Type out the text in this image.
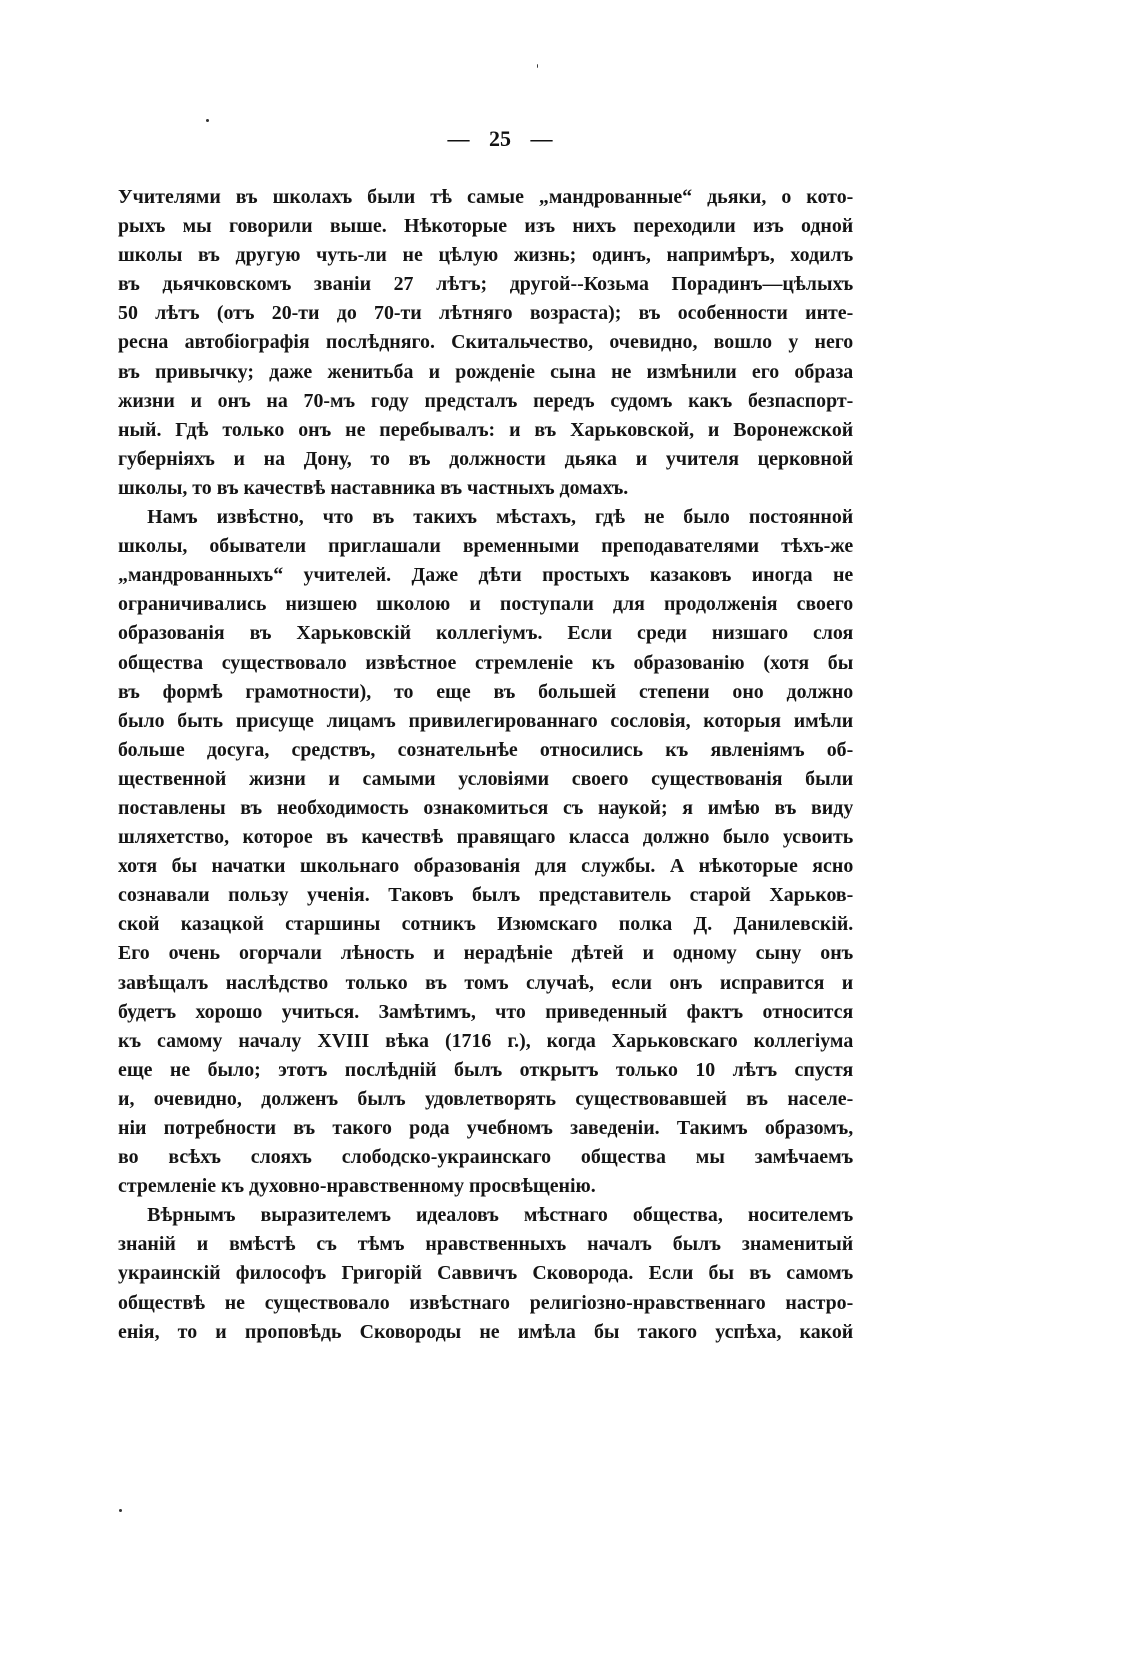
— 25 —
Учителями въ школахъ были тѣ самые „мандрованные“ дьяки, о кото-
рыхъ мы говорили выше. Нѣкоторые изъ нихъ переходили изъ одной
школы въ другую чуть-ли не цѣлую жизнь; одинъ, напримѣръ, ходилъ
въ дьячковскомъ званіи 27 лѣтъ; другой--Козьма Порадинъ—цѣлыхъ
50 лѣтъ (отъ 20-ти до 70-ти лѣтняго возраста); въ особенности инте-
ресна автобіографія послѣдняго. Скитальчество, очевидно, вошло у него
въ привычку; даже женитьба и рожденіе сына не измѣнили его образа
жизни и онъ на 70-мъ году предсталъ передъ судомъ какъ безпаспорт-
ный. Гдѣ только онъ не перебывалъ: и въ Харьковской, и Воронежской
губерніяхъ и на Дону, то въ должности дьяка и учителя церковной
школы, то въ качествѣ наставника въ частныхъ домахъ.
Намъ извѣстно, что въ такихъ мѣстахъ, гдѣ не было постоянной
школы, обыватели приглашали временными преподавателями тѣхъ-же
„мандрованныхъ“ учителей. Даже дѣти простыхъ казаковъ иногда не
ограничивались низшею школою и поступали для продолженія своего
образованія въ Харьковскій коллегіумъ. Если среди низшаго слоя
общества существовало извѣстное стремленіе къ образованію (хотя бы
въ формѣ грамотности), то еще въ большей степени оно должно
было быть присуще лицамъ привилегированнаго сословія, которыя имѣли
больше досуга, средствъ, сознательнѣе относились къ явленіямъ об-
щественной жизни и самыми условіями своего существованія были
поставлены въ необходимость ознакомиться съ наукой; я имѣю въ виду
шляхетство, которое въ качествѣ правящаго класса должно было усвоить
хотя бы начатки школьнаго образованія для службы. А нѣкоторые ясно
сознавали пользу ученія. Таковъ былъ представитель старой Харьков-
ской казацкой старшины сотникъ Изюмскаго полка Д. Данилевскій.
Его очень огорчали лѣность и нерадѣніе дѣтей и одному сыну онъ
завѣщалъ наслѣдство только въ томъ случаѣ, если онъ исправится и
будетъ хорошо учиться. Замѣтимъ, что приведенный фактъ относится
къ самому началу XVIII вѣка (1716 г.), когда Харьковскаго коллегіума
еще не было; этотъ послѣдній былъ открытъ только 10 лѣтъ спустя
и, очевидно, долженъ былъ удовлетворять существовавшей въ населе-
ніи потребности въ такого рода учебномъ заведеніи. Такимъ образомъ,
во всѣхъ слояхъ слободско-украинскаго общества мы замѣчаемъ
стремленіе къ духовно-нравственному просвѣщенію.
Вѣрнымъ выразителемъ идеаловъ мѣстнаго общества, носителемъ
знаній и вмѣстѣ съ тѣмъ нравственныхъ началъ былъ знаменитый
украинскій философъ Григорій Саввичъ Сковорода. Если бы въ самомъ
обществѣ не существовало извѣстнаго религіозно-нравственнаго настро-
енія, то и проповѣдь Сковороды не имѣла бы такого успѣха, какой
